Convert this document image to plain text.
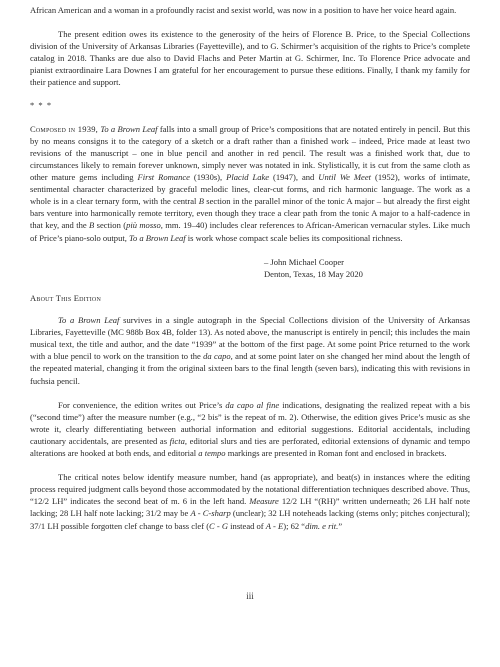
African American and a woman in a profoundly racist and sexist world, was now in a position to have her voice heard again.

The present edition owes its existence to the generosity of the heirs of Florence B. Price, to the Special Collections division of the University of Arkansas Libraries (Fayetteville), and to G. Schirmer’s acquisition of the rights to Price’s complete catalog in 2018. Thanks are due also to David Flachs and Peter Martin at G. Schirmer, Inc. To Florence Price advocate and pianist extraordinaire Lara Downes I am grateful for her encouragement to pursue these editions. Finally, I thank my family for their patience and support.

* * *

Composed in 1939, To a Brown Leaf falls into a small group of Price’s compositions that are notated entirely in pencil. But this by no means consigns it to the category of a sketch or a draft rather than a finished work – indeed, Price made at least two revisions of the manuscript – one in blue pencil and another in red pencil. The result was a finished work that, due to circumstances likely to remain forever unknown, simply never was notated in ink. Stylistically, it is cut from the same cloth as other mature gems including First Romance (1930s), Placid Lake (1947), and Until We Meet (1952), works of intimate, sentimental character characterized by graceful melodic lines, clear-cut forms, and rich harmonic language. The work as a whole is in a clear ternary form, with the central B section in the parallel minor of the tonic A major – but already the first eight bars venture into harmonically remote territory, even though they trace a clear path from the tonic A major to a half-cadence in that key, and the B section (più mosso, mm. 19–40) includes clear references to African-American vernacular styles. Like much of Price’s piano-solo output, To a Brown Leaf is work whose compact scale belies its compositional richness.

– John Michael Cooper
Denton, Texas, 18 May 2020
About This Edition

To a Brown Leaf survives in a single autograph in the Special Collections division of the University of Arkansas Libraries, Fayetteville (MC 988b Box 4B, folder 13). As noted above, the manuscript is entirely in pencil; this includes the main musical text, the title and author, and the date “1939” at the bottom of the first page. At some point Price returned to the work with a blue pencil to work on the transition to the da capo, and at some point later on she changed her mind about the length of the repeated material, changing it from the original sixteen bars to the final length (seven bars), indicating this with revisions in fuchsia pencil.

For convenience, the edition writes out Price’s da capo al fine indications, designating the realized repeat with a bis (“second time”) after the measure number (e.g., “2 bis” is the repeat of m. 2). Otherwise, the edition gives Price’s music as she wrote it, clearly differentiating between authorial information and editorial suggestions. Editorial accidentals, including cautionary accidentals, are presented as ficta, editorial slurs and ties are perforated, editorial extensions of dynamic and tempo alterations are hooked at both ends, and editorial a tempo markings are presented in Roman font and enclosed in brackets.

The critical notes below identify measure number, hand (as appropriate), and beat(s) in instances where the editing process required judgment calls beyond those accommodated by the notational differentiation techniques described above. Thus, “12/2 LH” indicates the second beat of m. 6 in the left hand. Measure 12/2 LH “(RH)” written underneath; 26 LH half note lacking; 28 LH half note lacking; 31/2 may be A - C-sharp (unclear); 32 LH noteheads lacking (stems only; pitches conjectural); 37/1 LH possible forgotten clef change to bass clef (C - G instead of A - E); 62 “dim. e rit.”

iii
